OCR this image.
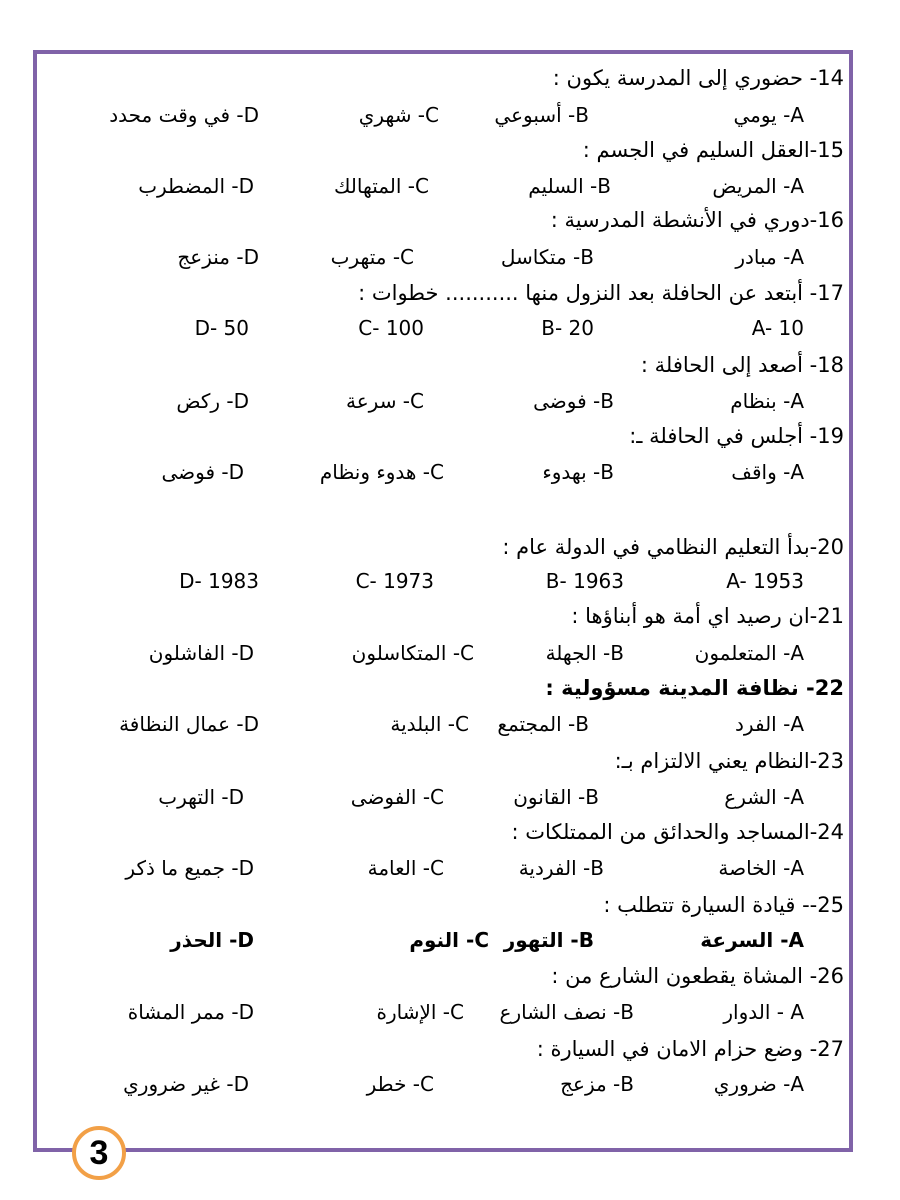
14- حضوري إلى المدرسة يكون :
A- يومي
B- أسبوعي
C- شهري
D- في وقت محدد
15-العقل السليم في الجسم :
A- المريض
B- السليم
C- المتهالك
D- المضطرب
16-دوري في الأنشطة المدرسية :
A- مبادر
B- متكاسل
C- متهرب
D- منزعج
17- أبتعد عن الحافلة بعد النزول منها ........... خطوات :
A- 10
B- 20
C- 100
D- 50
18- أصعد إلى الحافلة :
A- بنظام
B- فوضى
C- سرعة
D- ركض
19- أجلس في الحافلة ـ:
A- واقف
B- بهدوء
C- هدوء ونظام
D- فوضى
20-بدأ التعليم النظامي في الدولة عام :
A- 1953
B- 1963
C- 1973
D- 1983
21-ان رصيد اي أمة هو أبناؤها :
A- المتعلمون
B- الجهلة
C- المتكاسلون
D- الفاشلون
22- نظافة المدينة مسؤولية :
A- الفرد
B- المجتمع
C- البلدية
D- عمال النظافة
23-النظام يعني الالتزام بـ:
A- الشرع
B- القانون
C- الفوضى
D- التهرب
24-المساجد والحدائق من الممتلكات :
A- الخاصة
B- الفردية
C- العامة
D- جميع ما ذكر
25-- قيادة السيارة تتطلب :
A- السرعة
B- التهور
C- النوم
D- الحذر
26- المشاة يقطعون الشارع من :
A - الدوار
B- نصف الشارع
C- الإشارة
D- ممر المشاة
27- وضع حزام الامان في السيارة :
A- ضروري
B- مزعج
C- خطر
D- غير ضروري
3
